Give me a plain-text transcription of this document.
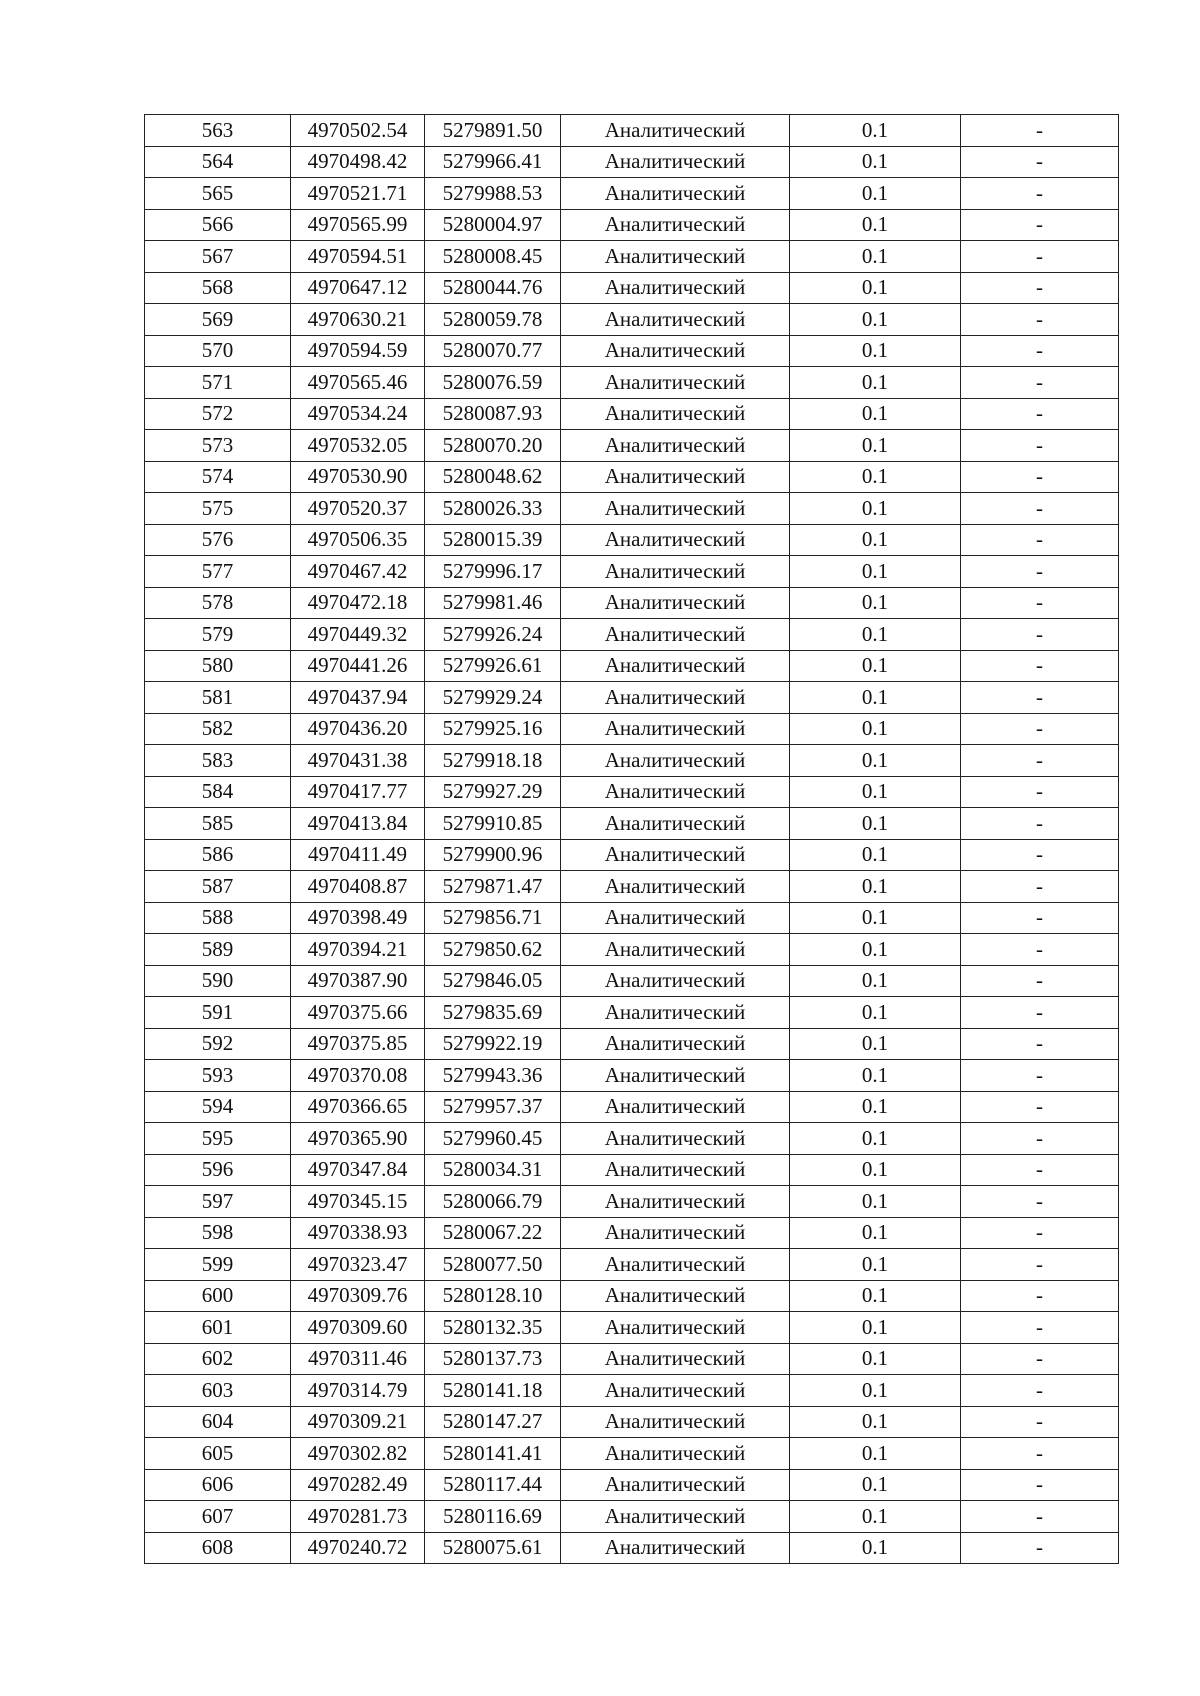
563	4970502.54	5279891.50	Аналитический	0.1	-
564	4970498.42	5279966.41	Аналитический	0.1	-
565	4970521.71	5279988.53	Аналитический	0.1	-
566	4970565.99	5280004.97	Аналитический	0.1	-
567	4970594.51	5280008.45	Аналитический	0.1	-
568	4970647.12	5280044.76	Аналитический	0.1	-
569	4970630.21	5280059.78	Аналитический	0.1	-
570	4970594.59	5280070.77	Аналитический	0.1	-
571	4970565.46	5280076.59	Аналитический	0.1	-
572	4970534.24	5280087.93	Аналитический	0.1	-
573	4970532.05	5280070.20	Аналитический	0.1	-
574	4970530.90	5280048.62	Аналитический	0.1	-
575	4970520.37	5280026.33	Аналитический	0.1	-
576	4970506.35	5280015.39	Аналитический	0.1	-
577	4970467.42	5279996.17	Аналитический	0.1	-
578	4970472.18	5279981.46	Аналитический	0.1	-
579	4970449.32	5279926.24	Аналитический	0.1	-
580	4970441.26	5279926.61	Аналитический	0.1	-
581	4970437.94	5279929.24	Аналитический	0.1	-
582	4970436.20	5279925.16	Аналитический	0.1	-
583	4970431.38	5279918.18	Аналитический	0.1	-
584	4970417.77	5279927.29	Аналитический	0.1	-
585	4970413.84	5279910.85	Аналитический	0.1	-
586	4970411.49	5279900.96	Аналитический	0.1	-
587	4970408.87	5279871.47	Аналитический	0.1	-
588	4970398.49	5279856.71	Аналитический	0.1	-
589	4970394.21	5279850.62	Аналитический	0.1	-
590	4970387.90	5279846.05	Аналитический	0.1	-
591	4970375.66	5279835.69	Аналитический	0.1	-
592	4970375.85	5279922.19	Аналитический	0.1	-
593	4970370.08	5279943.36	Аналитический	0.1	-
594	4970366.65	5279957.37	Аналитический	0.1	-
595	4970365.90	5279960.45	Аналитический	0.1	-
596	4970347.84	5280034.31	Аналитический	0.1	-
597	4970345.15	5280066.79	Аналитический	0.1	-
598	4970338.93	5280067.22	Аналитический	0.1	-
599	4970323.47	5280077.50	Аналитический	0.1	-
600	4970309.76	5280128.10	Аналитический	0.1	-
601	4970309.60	5280132.35	Аналитический	0.1	-
602	4970311.46	5280137.73	Аналитический	0.1	-
603	4970314.79	5280141.18	Аналитический	0.1	-
604	4970309.21	5280147.27	Аналитический	0.1	-
605	4970302.82	5280141.41	Аналитический	0.1	-
606	4970282.49	5280117.44	Аналитический	0.1	-
607	4970281.73	5280116.69	Аналитический	0.1	-
608	4970240.72	5280075.61	Аналитический	0.1	-
